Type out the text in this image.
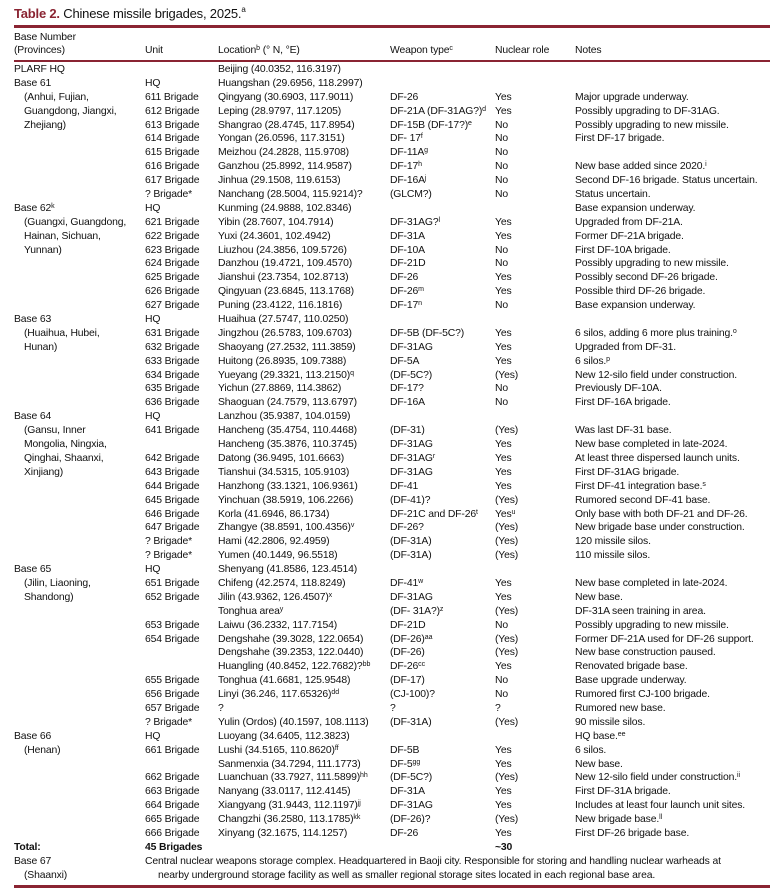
Table 2. Chinese missile brigades, 2025.$^a$
Base Number
(Provinces)	Unit	Location$^b$ (° N, °E)	Weapon type$^c$	Nuclear role	Notes
PLARF HQ	Beijing (40.0352, 116.3197)
Base 61	HQ	Huangshan (29.6956, 118.2997)
(Anhui, Fujian,	611 Brigade	Qingyang (30.6903, 117.9011)	DF-26	Yes	Major upgrade underway.
Guangdong, Jiangxi,	612 Brigade	Leping (28.9797, 117.1205)	DF-21A (DF-31AG?)$^d$ Yes	Possibly upgrading to DF-31AG.
Zhejiang)	613 Brigade	Shangrao (28.4745, 117.8954)	DF-15B (DF-17?)$^e$	No	Possibly upgrading to new missile.
614 Brigade	Yongan (26.0596, 117.3151)	DF- 17$^f$	No	First DF-17 brigade.
615 Brigade	Meizhou (24.2828, 115.9708)	$DF-11A^g$	No
616 Brigade	Ganzhou (25.8992, 114.9587)	DF-17$^h$	No	New base added since 2020.$^i$
617 Brigade	Jinhua (29.1508, 119.6153)	$DF-16A^j$	No	Second DF-16 brigade. Status uncertain.
? Brigade*	Nanchang (28.5004, 115.9214)?	(GLCM?)	No	Status uncertain.
Base 62$^k$	HQ	Kunming (24.9888, 102.8346)	Base expansion underway.
(Guangxi, Guangdong,	621 Brigade	Yibin (28.7607, 104.7914)	DF-31AG?$^l$	Yes	Upgraded from DF-21A.
Hainan, Sichuan,	622 Brigade	Yuxi (24.3601, 102.4942)	DF-31A	Yes	Former DF-21A brigade.
Yunnan)	623 Brigade	Liuzhou (24.3856, 109.5726)	DF-10A	No	First DF-10A brigade.
624 Brigade	Danzhou (19.4721, 109.4570)	DF-21D	No	Possibly upgrading to new missile.
625 Brigade	Jianshui (23.7354, 102.8713)	DF-26	Yes	Possibly second DF-26 brigade.
626 Brigade	Qingyuan (23.6845, 113.1768)	DF-26$^m$	Yes	Possible third DF-26 brigade.
627 Brigade	Puning (23.4122, 116.1816)	DF-17$^n$	No	Base expansion underway.
Base 63	HQ	Huaihua (27.5747, 110.0250)
(Huaihua, Hubei,	631 Brigade	Jingzhou (26.5783, 109.6703)	DF-5B (DF-5C?)	Yes	6 silos, adding 6 more plus training.$^o$
Hunan)	632 Brigade	Shaoyang (27.2532, 111.3859)	DF-31AG	Yes	Upgraded from DF-31.
633 Brigade	Huitong (26.8935, 109.7388)	DF-5A	Yes	6 silos.$^p$
634 Brigade	Yueyang (29.3321, 113.2150)$^q$	(DF-5C?)	(Yes)	New 12-silo field under construction.
635 Brigade	Yichun (27.8869, 114.3862)	DF-17?	No	Previously DF-10A.
636 Brigade	Shaoguan (24.7579, 113.6797)	DF-16A	No	First DF-16A brigade.
Base 64	HQ	Lanzhou (35.9387, 104.0159)
(Gansu, Inner	641 Brigade	Hancheng (35.4754, 110.4468)	(DF-31)	(Yes)	Was last DF-31 base.
Mongolia, Ningxia,	Hancheng (35.3876, 110.3745)	DF-31AG	Yes	New base completed in late-2024.
Qinghai, Shaanxi,	642 Brigade	Datong (36.9495, 101.6663)	$DF-31AG^r$	Yes	At least three dispersed launch units.
Xinjiang)	643 Brigade	Tianshui (34.5315, 105.9103)	DF-31AG	Yes	First DF-31AG brigade.
644 Brigade	Hanzhong (33.1321, 106.9361)	DF-41	Yes	First DF-41 integration base.$^s$
645 Brigade	Yinchuan (38.5919, 106.2266)	(DF-41)?	(Yes)	Rumored second DF-41 base.
646 Brigade	Korla (41.6946, 86.1734)	DF-21C and DF-26$^t$	Yes$^u$	Only base with both DF-21 and DF-26.
647 Brigade	Zhangye (38.8591, 100.4356)$^v$	DF-26?	(Yes)	New brigade base under construction.
? Brigade*	Hami (42.2806, 92.4959)	(DF-31A)	(Yes)	120 missile silos.
? Brigade*	Yumen (40.1449, 96.5518)	(DF-31A)	(Yes)	110 missile silos.
Base 65	HQ	Shenyang (41.8586, 123.4514)
(Jilin, Liaoning,	651 Brigade	Chifeng (42.2574, 118.8249)	DF-41$^w$	Yes	New base completed in late-2024.
Shandong)	652 Brigade	Jilin (43.9362, 126.4507)$^x$	DF-31AG	Yes	New base.
Tonghua area$^y$	(DF- 31A?)$^z$	(Yes)	DF-31A seen training in area.
653 Brigade	Laiwu (36.2332, 117.7154)	DF-21D	No	Possibly upgrading to new missile.
654 Brigade	Dengshahe (39.3028, 122.0654)	$(DF-26)^{aa}$	(Yes)	Former DF-21A used for DF-26 support.
Dengshahe (39.2353, 122.0440)	(DF-26)	(Yes)	New base construction paused.
Huangling (40.8452, 122.7682)?$^{bb}$	$DF-26^{cc}$	Yes	Renovated brigade base.
655 Brigade	Tonghua (41.6681, 125.9548)	(DF-17)	No	Base upgrade underway.
656 Brigade	Linyi (36.246, 117.65326)$^{dd}$	(CJ-100)?	No	Rumored first CJ-100 brigade.
657 Brigade	?	?	?	Rumored new base.
? Brigade*	Yulin (Ordos) (40.1597, 108.1113)	(DF-31A)	(Yes)	90 missile silos.
Base 66	HQ	Luoyang (34.6405, 112.3823)	HQ base.$^{ee}$
(Henan)	661 Brigade	Lushi (34.5165, 110.8620)$^{ff}$	DF-5B	Yes	6 silos.
Sanmenxia (34.7294, 111.1773)	$DF-5^{gg}$	Yes	New base.
662 Brigade	Luanchuan (33.7927, 111.5899)$^{hh}$	(DF-5C?)	(Yes)	New 12-silo field under construction.$^{ii}$
663 Brigade	Nanyang (33.0117, 112.4145)	DF-31A	Yes	First DF-31A brigade.
664 Brigade	Xiangyang (31.9443, 112.1197)$^{jj}$	DF-31AG	Yes	Includes at least four launch unit sites.
665 Brigade	Changzhi (36.2580, 113.1785)$^{kk}$	(DF-26)?	(Yes)	New brigade base.$^{ll}$
666 Brigade	Xinyang (32.1675, 114.1257)	DF-26	Yes	First DF-26 brigade base.
Total:	45 Brigades	~30
Base 67	Central nuclear weapons storage complex. Headquartered in Baoji city. Responsible for storing and handling nuclear warheads at
(Shaanxi)	nearby underground storage facility as well as smaller regional storage sites located in each regional base area.
